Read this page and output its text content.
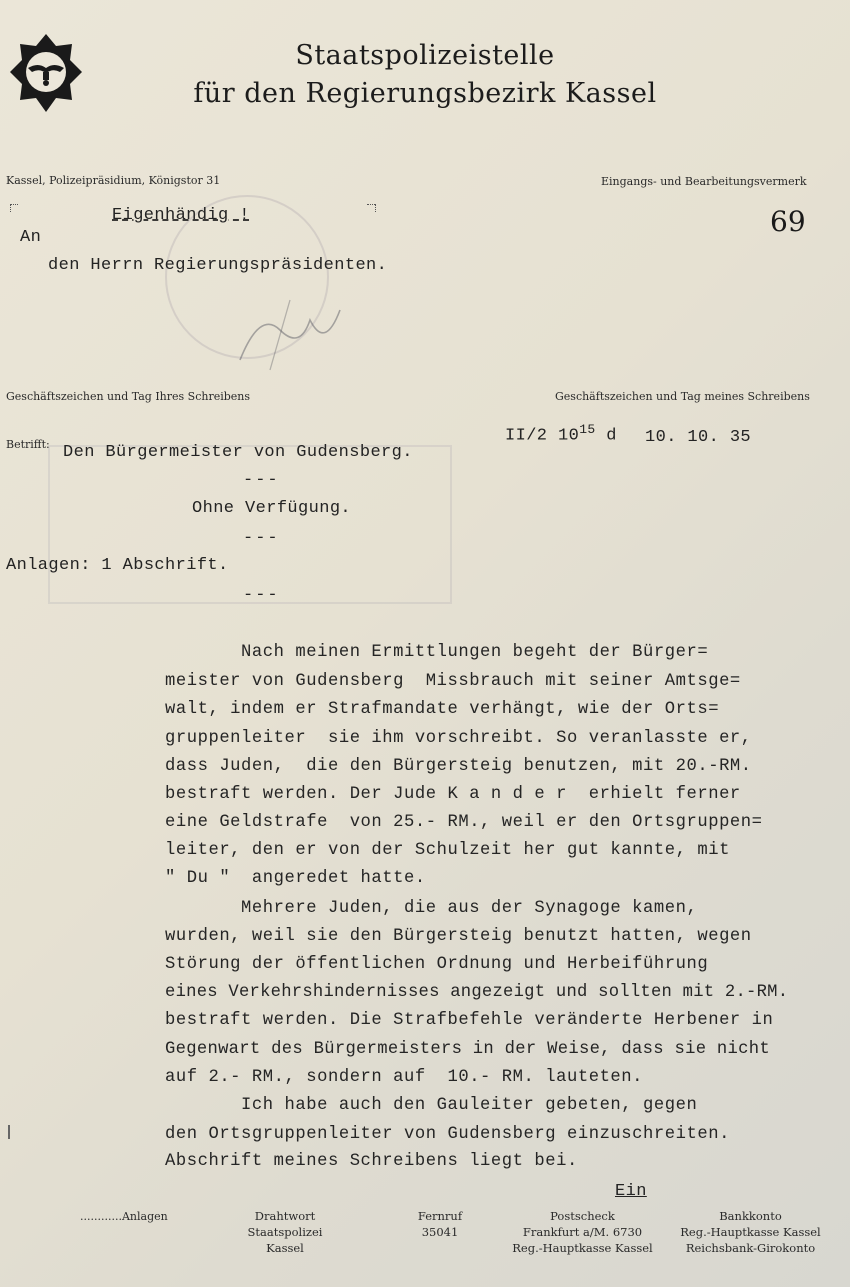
Staatspolizeistelle
für den Regierungsbezirk Kassel
Kassel, Polizeipräsidium, Königstor 31	Eingangs- und Bearbeitungsvermerk
69
Eigenhändig !
An
den Herrn Regierungspräsidenten.
Geschäftszeichen und Tag Ihres Schreibens	Geschäftszeichen und Tag meines Schreibens
II/2 $10^{15}$ d 10. 10. 35
Betrifft: Den Bürgermeister von Gudensberg.
---
Ohne Verfügung.
---
Anlagen: 1 Abschrift.
---
Nach meinen Ermittlungen begeht der Bürger=
meister von Gudensberg  Missbrauch mit seiner Amtsge=
walt, indem er Strafmandate verhängt, wie der Orts=
gruppenleiter  sie ihm vorschreibt. So veranlasste er,
dass Juden,  die den Bürgersteig benutzen, mit 20.-RM.
bestraft werden. Der Jude K a n d e r  erhielt ferner
eine Geldstrafe  von 25.- RM., weil er den Ortsgruppen=
leiter, den er von der Schulzeit her gut kannte, mit
" Du "  angeredet hatte.
Mehrere Juden, die aus der Synagoge kamen,
wurden, weil sie den Bürgersteig benutzt hatten, wegen
Störung der öffentlichen Ordnung und Herbeiführung
eines Verkehrshindernisses angezeigt und sollten mit 2.-RM.
bestraft werden. Die Strafbefehle veränderte Herbener in
Gegenwart des Bürgermeisters in der Weise, dass sie nicht
auf 2.- RM., sondern auf  10.- RM. lauteten.
Ich habe auch den Gauleiter gebeten, gegen
den Ortsgruppenleiter von Gudensberg einzuschreiten.
Abschrift meines Schreibens liegt bei.
Ein
............Anlagen	Drahtwort
Staatspolizei
Kassel
Fernruf
35041
Postscheck
Frankfurt a/M. 6730
Reg.-Hauptkasse Kassel
Bankkonto
Reg.-Hauptkasse Kassel
Reichsbank-Girokonto
